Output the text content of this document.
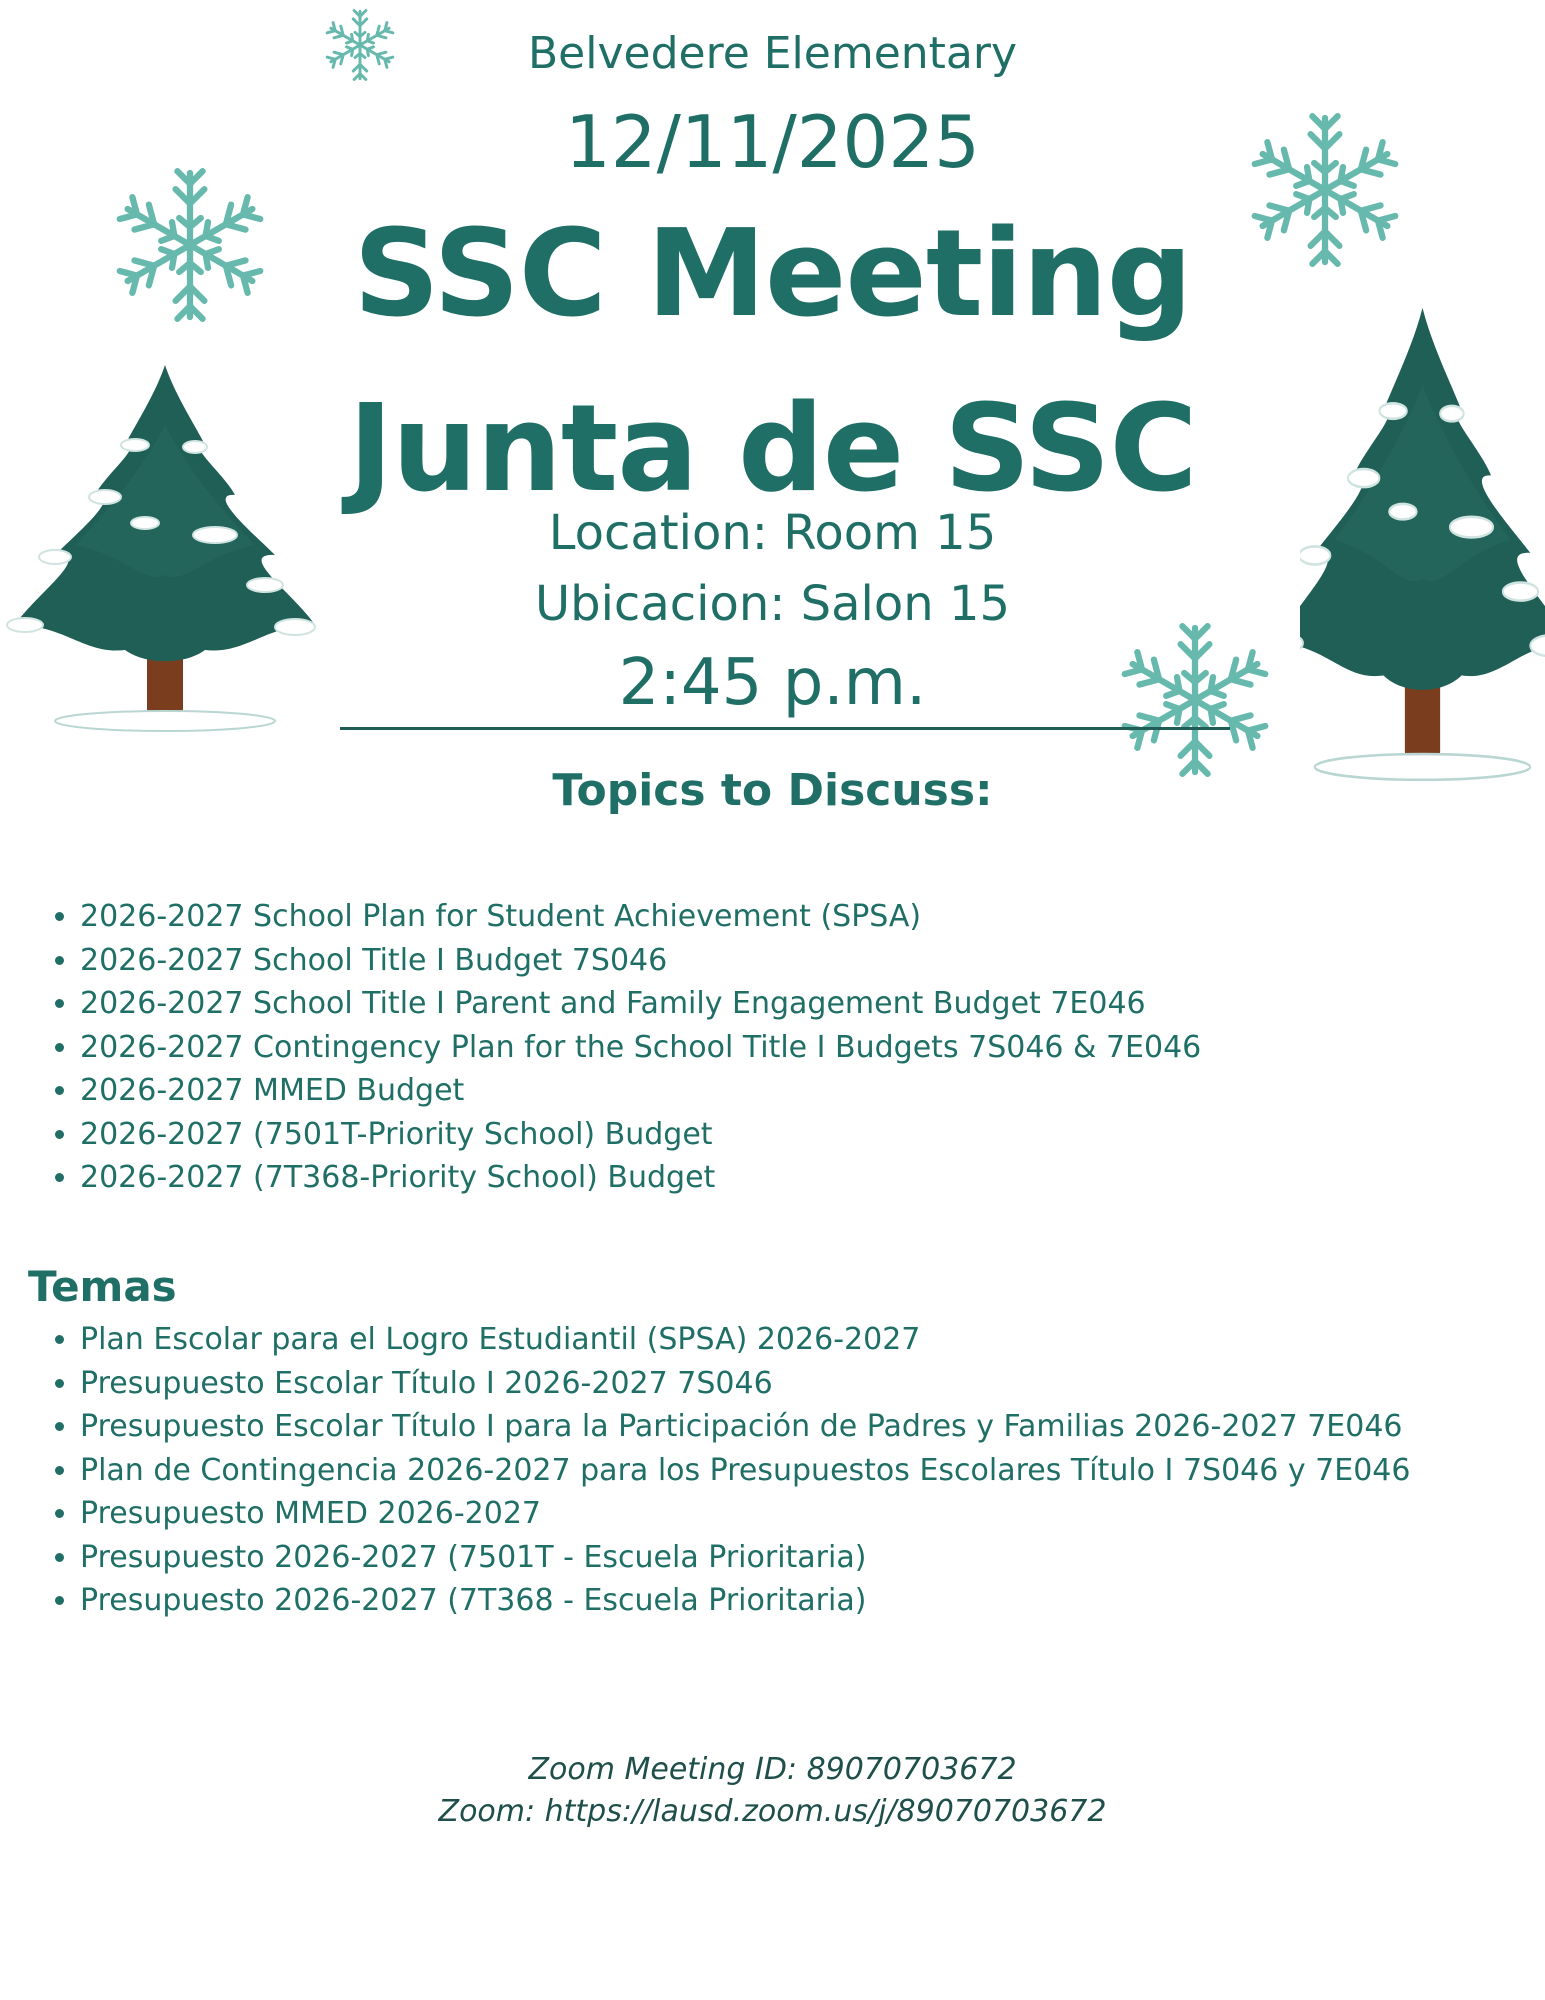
Belvedere Elementary
12/11/2025
SSC Meeting
Junta de SSC
Location: Room 15
Ubicacion: Salon 15
2:45 p.m.
Topics to Discuss:
• 2026-2027 School Plan for Student Achievement (SPSA)
• 2026-2027 School Title I Budget 7S046
• 2026-2027 School Title I Parent and Family Engagement Budget 7E046
• 2026-2027 Contingency Plan for the School Title I Budgets 7S046 & 7E046
• 2026-2027 MMED Budget
• 2026-2027 (7501T-Priority School) Budget
• 2026-2027 (7T368-Priority School) Budget
Temas
• Plan Escolar para el Logro Estudiantil (SPSA) 2026-2027
• Presupuesto Escolar Título I 2026-2027 7S046
• Presupuesto Escolar Título I para la Participación de Padres y Familias 2026-2027 7E046
• Plan de Contingencia 2026-2027 para los Presupuestos Escolares Título I 7S046 y 7E046
• Presupuesto MMED 2026-2027
• Presupuesto 2026-2027 (7501T - Escuela Prioritaria)
• Presupuesto 2026-2027 (7T368 - Escuela Prioritaria)
Zoom Meeting ID: 89070703672
Zoom: https://lausd.zoom.us/j/89070703672
